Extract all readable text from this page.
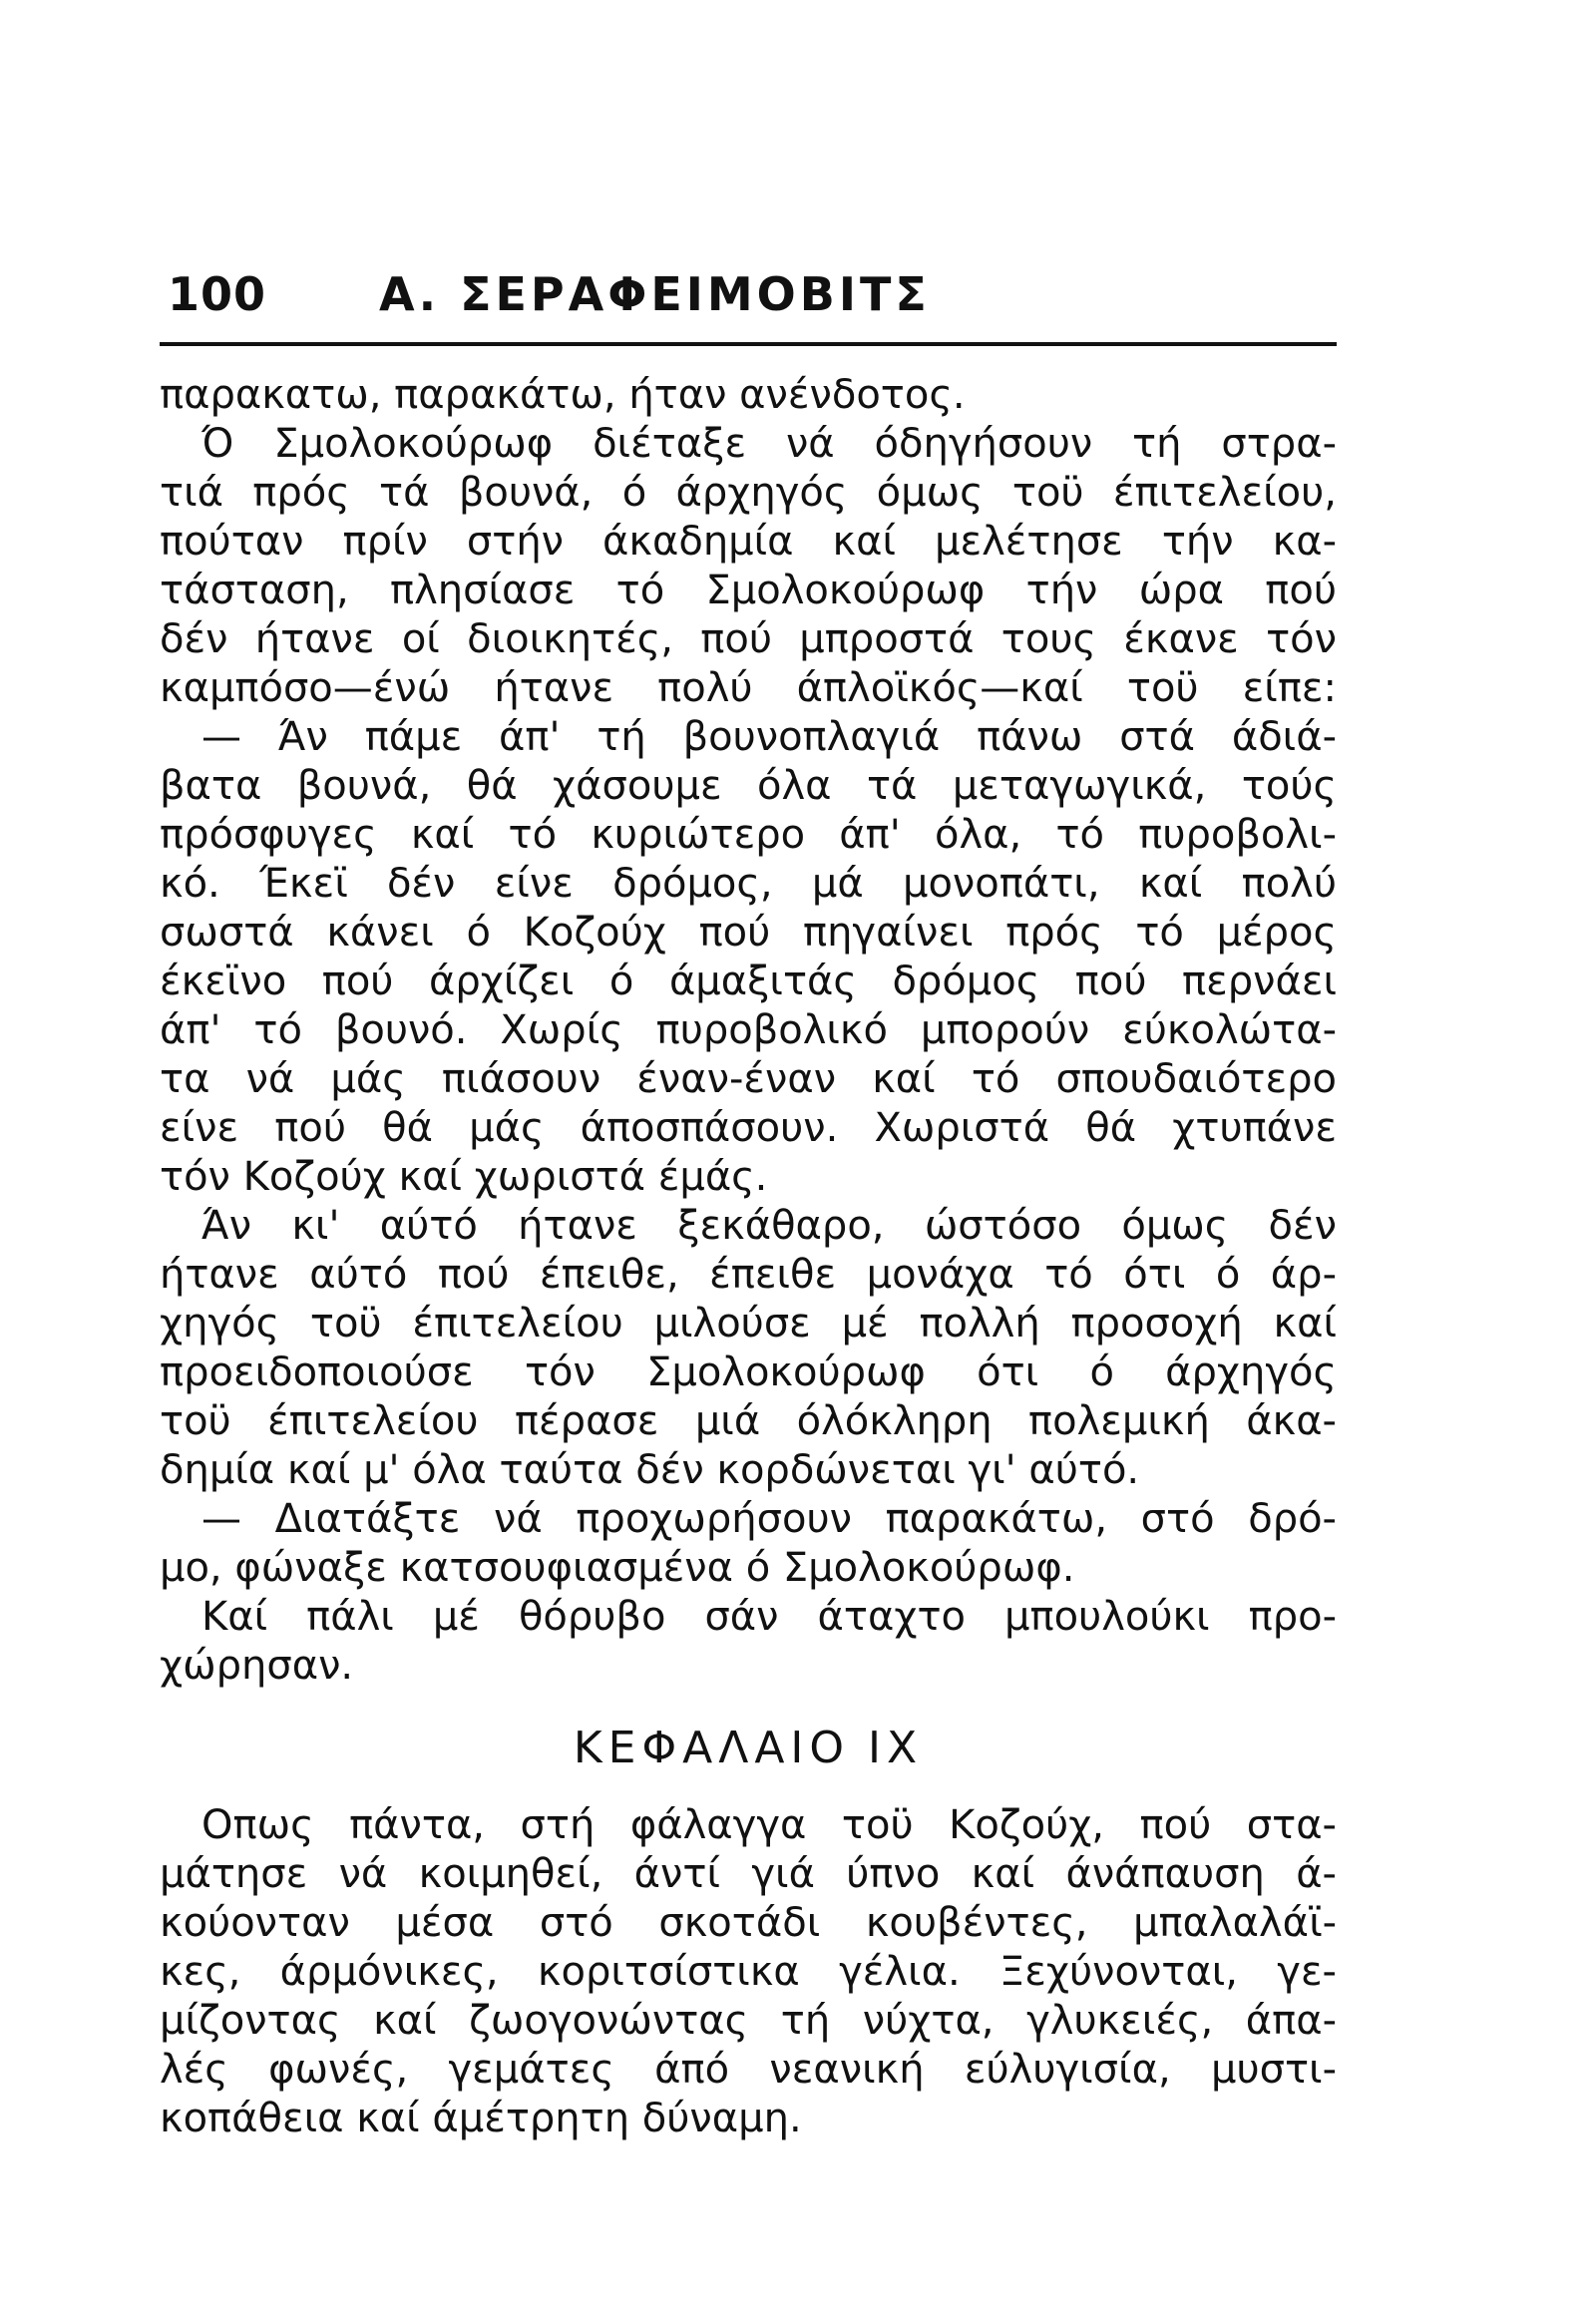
100 Α. ΣΕΡΑΦΕΙΜΟΒΙΤΣ
παρακατω, παρακάτω, ήταν ανένδοτος.
Ό Σμολοκούρωφ διέταξε νά όδηγήσουν τή στρα-
τιά πρός τά βουνά, ό άρχηγός όμως τοϋ έπιτελείου,
πούταν πρίν στήν άκαδημία καί μελέτησε τήν κα-
τάσταση, πλησίασε τό Σμολοκούρωφ τήν ώρα πού
δέν ήτανε οί διοικητές, πού μπροστά τους έκανε τόν
καμπόσο—ένώ ήτανε πολύ άπλοϊκός—καί τοϋ είπε:
— Άν πάμε άπ' τή βουνοπλαγιά πάνω στά άδιά-
βατα βουνά, θά χάσουμε όλα τά μεταγωγικά, τούς
πρόσφυγες καί τό κυριώτερο άπ' όλα, τό πυροβολι-
κό. Έκεϊ δέν είνε δρόμος, μά μονοπάτι, καί πολύ
σωστά κάνει ό Κοζούχ πού πηγαίνει πρός τό μέρος
έκεϊνο πού άρχίζει ό άμαξιτάς δρόμος πού περνάει
άπ' τό βουνό. Χωρίς πυροβολικό μπορούν εύκολώτα-
τα νά μάς πιάσουν έναν-έναν καί τό σπουδαιότερο
είνε πού θά μάς άποσπάσουν. Χωριστά θά χτυπάνε
τόν Κοζούχ καί χωριστά έμάς.
Άν κι' αύτό ήτανε ξεκάθαρο, ώστόσο όμως δέν
ήτανε αύτό πού έπειθε, έπειθε μονάχα τό ότι ό άρ-
χηγός τοϋ έπιτελείου μιλούσε μέ πολλή προσοχή καί
προειδοποιούσε τόν Σμολοκούρωφ ότι ό άρχηγός
τοϋ έπιτελείου πέρασε μιά όλόκληρη πολεμική άκα-
δημία καί μ' όλα ταύτα δέν κορδώνεται γι' αύτό.
— Διατάξτε νά προχωρήσουν παρακάτω, στό δρό-
μο, φώναξε κατσουφιασμένα ό Σμολοκούρωφ.
Καί πάλι μέ θόρυβο σάν άταχτο μπουλούκι προ-
χώρησαν.
ΚΕΦΑΛΑΙΟ ΙΧ
Οπως πάντα, στή φάλαγγα τοϋ Κοζούχ, πού στα-
μάτησε νά κοιμηθεί, άντί γιά ύπνο καί άνάπαυση ά-
κούονταν μέσα στό σκοτάδι κουβέντες, μπαλαλάϊ-
κες, άρμόνικες, κοριτσίστικα γέλια. Ξεχύνονται, γε-
μίζοντας καί ζωογονώντας τή νύχτα, γλυκειές, άπα-
λές φωνές, γεμάτες άπό νεανική εύλυγισία, μυστι-
κοπάθεια καί άμέτρητη δύναμη.
